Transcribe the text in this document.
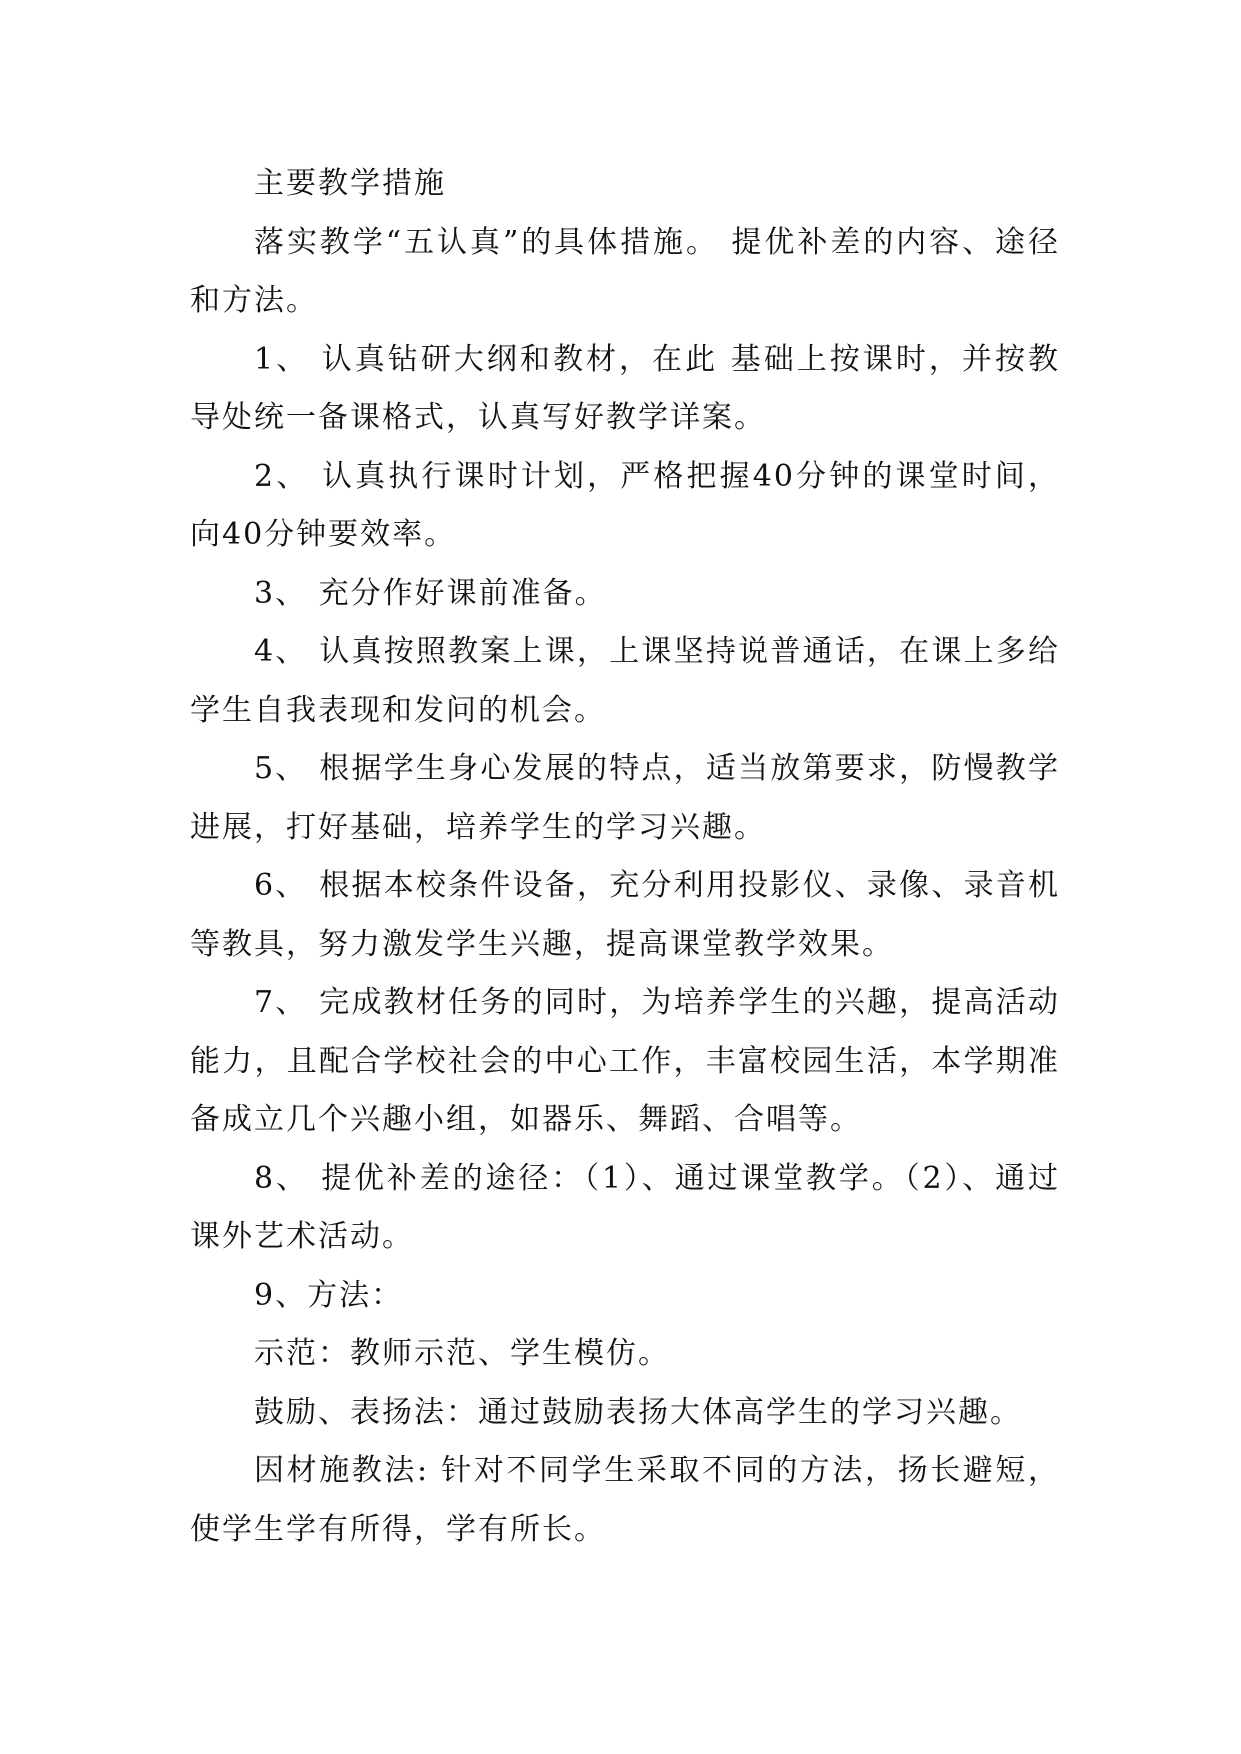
主要教学措施

落实教学“五认真”的具体措施。 提优补差的内容、途径和方法。

1、 认真钻研大纲和教材，在此 基础上按课时，并按教导处统一备课格式，认真写好教学详案。

2、 认真执行课时计划，严格把握40分钟的课堂时间，向40分钟要效率。

3、 充分作好课前准备。

4、 认真按照教案上课，上课坚持说普通话，在课上多给学生自我表现和发问的机会。

5、 根据学生身心发展的特点，适当放第要求，防慢教学进展，打好基础，培养学生的学习兴趣。

6、 根据本校条件设备，充分利用投影仪、录像、录音机等教具，努力激发学生兴趣，提高课堂教学效果。

7、 完成教材任务的同时，为培养学生的兴趣，提高活动能力，且配合学校社会的中心工作，丰富校园生活，本学期准备成立几个兴趣小组，如器乐、舞蹈、合唱等。

8、 提优补差的途径：（1）、通过课堂教学。（2）、通过课外艺术活动。

9、方法：

示范：教师示范、学生模仿。

鼓励、表扬法：通过鼓励表扬大体高学生的学习兴趣。

因材施教法: 针对不同学生采取不同的方法，扬长避短，使学生学有所得，学有所长。
